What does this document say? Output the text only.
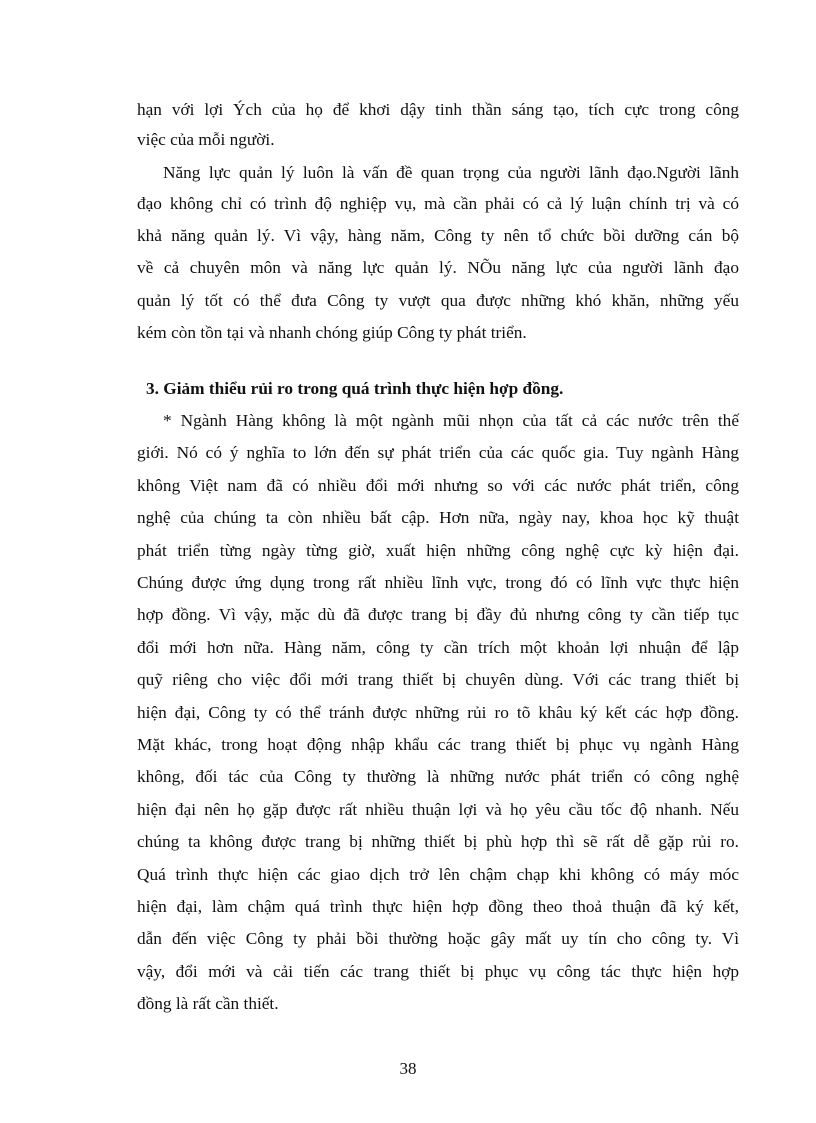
hạn với lợi Ých của họ để khơi dậy tinh thần sáng tạo, tích cực trong công
việc của mỗi người.
Năng lực quản lý luôn là vấn đề quan trọng của người lãnh đạo.Người lãnh
đạo không chỉ có trình độ nghiệp vụ, mà cần phải có cả lý luận chính trị và có
khả năng quản lý. Vì vậy, hàng năm, Công ty nên tổ chức bồi dưỡng cán bộ
về cả chuyên môn và năng lực quản lý. NÕu năng lực của người lãnh đạo
quản lý tốt có thể đưa Công ty vượt qua được những khó khăn, những yếu
kém còn tồn tại và nhanh chóng giúp Công ty phát triển.
3. Giảm thiểu rủi ro trong quá trình thực hiện hợp đồng.
* Ngành Hàng không là một ngành mũi nhọn của tất cả các nước trên thế
giới. Nó có ý nghĩa to lớn đến sự phát triển của các quốc gia. Tuy ngành Hàng
không Việt nam đã có nhiều đổi mới nhưng so với các nước phát triển, công
nghệ của chúng ta còn nhiều bất cập. Hơn nữa, ngày nay, khoa học kỹ thuật
phát triển từng ngày từng giờ, xuất hiện những công nghệ cực kỳ hiện đại.
Chúng được ứng dụng trong rất nhiều lĩnh vực, trong đó có lĩnh vực thực hiện
hợp đồng. Vì vậy, mặc dù đã được trang bị đầy đủ nhưng công ty cần tiếp tục
đổi mới hơn nữa. Hàng năm, công ty cần trích một khoản lợi nhuận để lập
quỹ riêng cho việc đổi mới trang thiết bị chuyên dùng. Với các trang thiết bị
hiện đại, Công ty có thể tránh được những rủi ro tõ khâu ký kết các hợp đồng.
Mặt khác, trong hoạt động nhập khẩu các trang thiết bị phục vụ ngành Hàng
không, đối tác của Công ty thường là những nước phát triển có công nghệ
hiện đại nên họ gặp được rất nhiều thuận lợi và họ yêu cầu tốc độ nhanh. Nếu
chúng ta không được trang bị những thiết bị phù hợp thì sẽ rất dễ gặp rủi ro.
Quá trình thực hiện các giao dịch trở lên chậm chạp khi không có máy móc
hiện đại, làm chậm quá trình thực hiện hợp đồng theo thoả thuận đã ký kết,
dẫn đến việc Công ty phải bồi thường hoặc gây mất uy tín cho công ty. Vì
vậy, đổi mới và cải tiến các trang thiết bị phục vụ công tác thực hiện hợp
đồng là rất cần thiết.
38
